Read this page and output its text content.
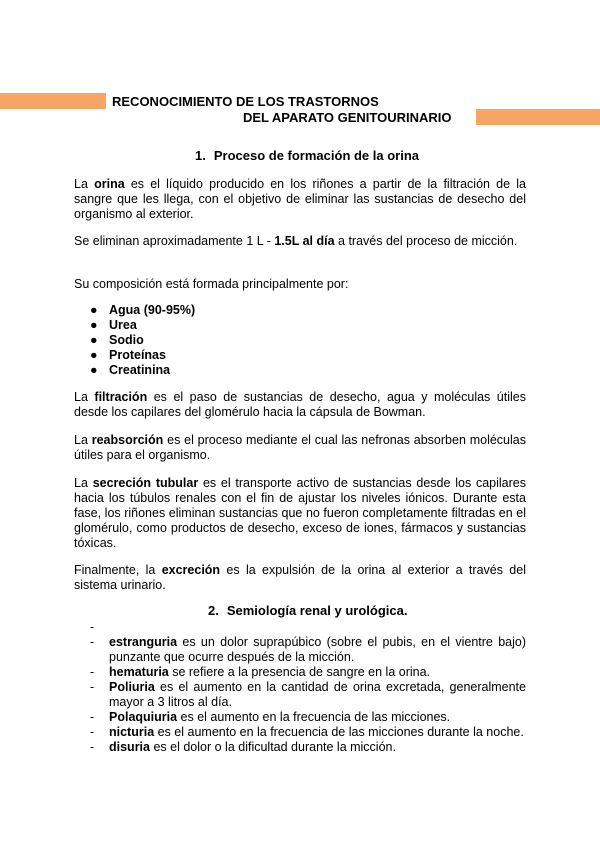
RECONOCIMIENTO DE LOS TRASTORNOS
DEL APARATO GENITOURINARIO
1. Proceso de formación de la orina

La orina es el líquido producido en los riñones a partir de la filtración de la sangre que les llega, con el objetivo de eliminar las sustancias de desecho del organismo al exterior.

Se eliminan aproximadamente 1 L - 1.5L al día a través del proceso de micción.

Su composición está formada principalmente por:

● Agua (90-95%)
● Urea
● Sodio
● Proteínas
● Creatinina

La filtración es el paso de sustancias de desecho, agua y moléculas útiles desde los capilares del glomérulo hacia la cápsula de Bowman.

La reabsorción es el proceso mediante el cual las nefronas absorben moléculas útiles para el organismo.

La secreción tubular es el transporte activo de sustancias desde los capilares hacia los túbulos renales con el fin de ajustar los niveles iónicos. Durante esta fase, los riñones eliminan sustancias que no fueron completamente filtradas en el glomérulo, como productos de desecho, exceso de iones, fármacos y sustancias tóxicas.

Finalmente, la excreción es la expulsión de la orina al exterior a través del sistema urinario.

2. Semiología renal y urológica.
-

- estranguria es un dolor suprapúbico (sobre el pubis, en el vientre bajo) punzante que ocurre después de la micción.
- hematuria se refiere a la presencia de sangre en la orina.
- Poliuria es el aumento en la cantidad de orina excretada, generalmente mayor a 3 litros al día.
- Polaquiuria es el aumento en la frecuencia de las micciones.
- nicturia es el aumento en la frecuencia de las micciones durante la noche.
- disuria es el dolor o la dificultad durante la micción.
